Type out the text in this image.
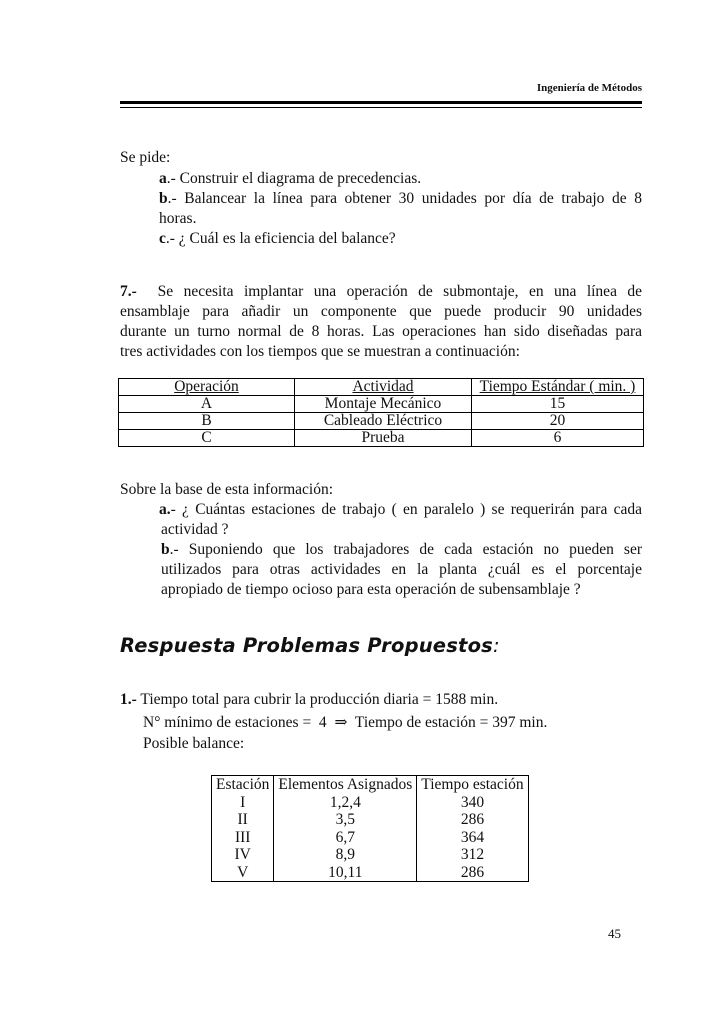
Ingeniería de Métodos
Se pide:
a.- Construir el diagrama de precedencias.
b.- Balancear la línea para obtener 30 unidades por día de trabajo de 8
horas.
c.- ¿ Cuál es la eficiencia del balance?
7.- Se necesita implantar una operación de submontaje, en una línea de
ensamblaje para añadir un componente que puede producir 90 unidades
durante un turno normal de 8 horas. Las operaciones han sido diseñadas para
tres actividades con los tiempos que se muestran a continuación:
Operación	Actividad	Tiempo Estándar ( min. )
A	Montaje Mecánico	15
B	Cableado Eléctrico	20
C	Prueba	6
Sobre la base de esta información:
a.- ¿ Cuántas estaciones de trabajo ( en paralelo ) se requerirán para cada
actividad ?
b.- Suponiendo que los trabajadores de cada estación no pueden ser
utilizados para otras actividades en la planta ¿cuál es el porcentaje
apropiado de tiempo ocioso para esta operación de subensamblaje ?
Respuesta Problemas Propuestos:
1.- Tiempo total para cubrir la producción diaria = 1588 min.
N° mínimo de estaciones =  4 ⇒ Tiempo de estación = 397 min.
Posible balance:
Estación	Elementos Asignados	Tiempo estación
I	1,2,4	340
II	3,5	286
III	6,7	364
IV	8,9	312
V	10,11	286
45
